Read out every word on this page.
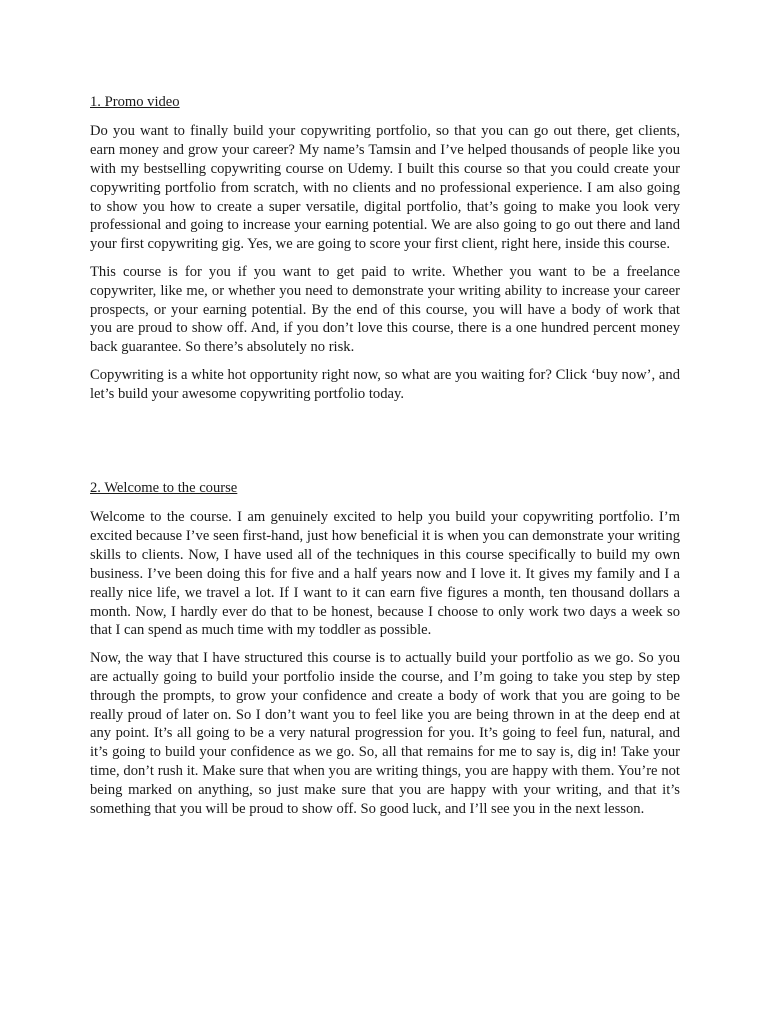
1. Promo video

Do you want to finally build your copywriting portfolio, so that you can go out there, get clients, earn money and grow your career? My name’s Tamsin and I’ve helped thousands of people like you with my bestselling copywriting course on Udemy. I built this course so that you could create your copywriting portfolio from scratch, with no clients and no professional experience. I am also going to show you how to create a super versatile, digital portfolio, that’s going to make you look very professional and going to increase your earning potential. We are also going to go out there and land your first copywriting gig. Yes, we are going to score your first client, right here, inside this course.

This course is for you if you want to get paid to write. Whether you want to be a freelance copywriter, like me, or whether you need to demonstrate your writing ability to increase your career prospects, or your earning potential. By the end of this course, you will have a body of work that you are proud to show off. And, if you don’t love this course, there is a one hundred percent money back guarantee. So there’s absolutely no risk.

Copywriting is a white hot opportunity right now, so what are you waiting for? Click ‘buy now’, and let’s build your awesome copywriting portfolio today.

2. Welcome to the course

Welcome to the course. I am genuinely excited to help you build your copywriting portfolio. I’m excited because I’ve seen first-hand, just how beneficial it is when you can demonstrate your writing skills to clients. Now, I have used all of the techniques in this course specifically to build my own business. I’ve been doing this for five and a half years now and I love it. It gives my family and I a really nice life, we travel a lot. If I want to it can earn five figures a month, ten thousand dollars a month. Now, I hardly ever do that to be honest, because I choose to only work two days a week so that I can spend as much time with my toddler as possible.

Now, the way that I have structured this course is to actually build your portfolio as we go. So you are actually going to build your portfolio inside the course, and I’m going to take you step by step through the prompts, to grow your confidence and create a body of work that you are going to be really proud of later on. So I don’t want you to feel like you are being thrown in at the deep end at any point. It’s all going to be a very natural progression for you. It’s going to feel fun, natural, and it’s going to build your confidence as we go. So, all that remains for me to say is, dig in! Take your time, don’t rush it. Make sure that when you are writing things, you are happy with them. You’re not being marked on anything, so just make sure that you are happy with your writing, and that it’s something that you will be proud to show off. So good luck, and I’ll see you in the next lesson.
